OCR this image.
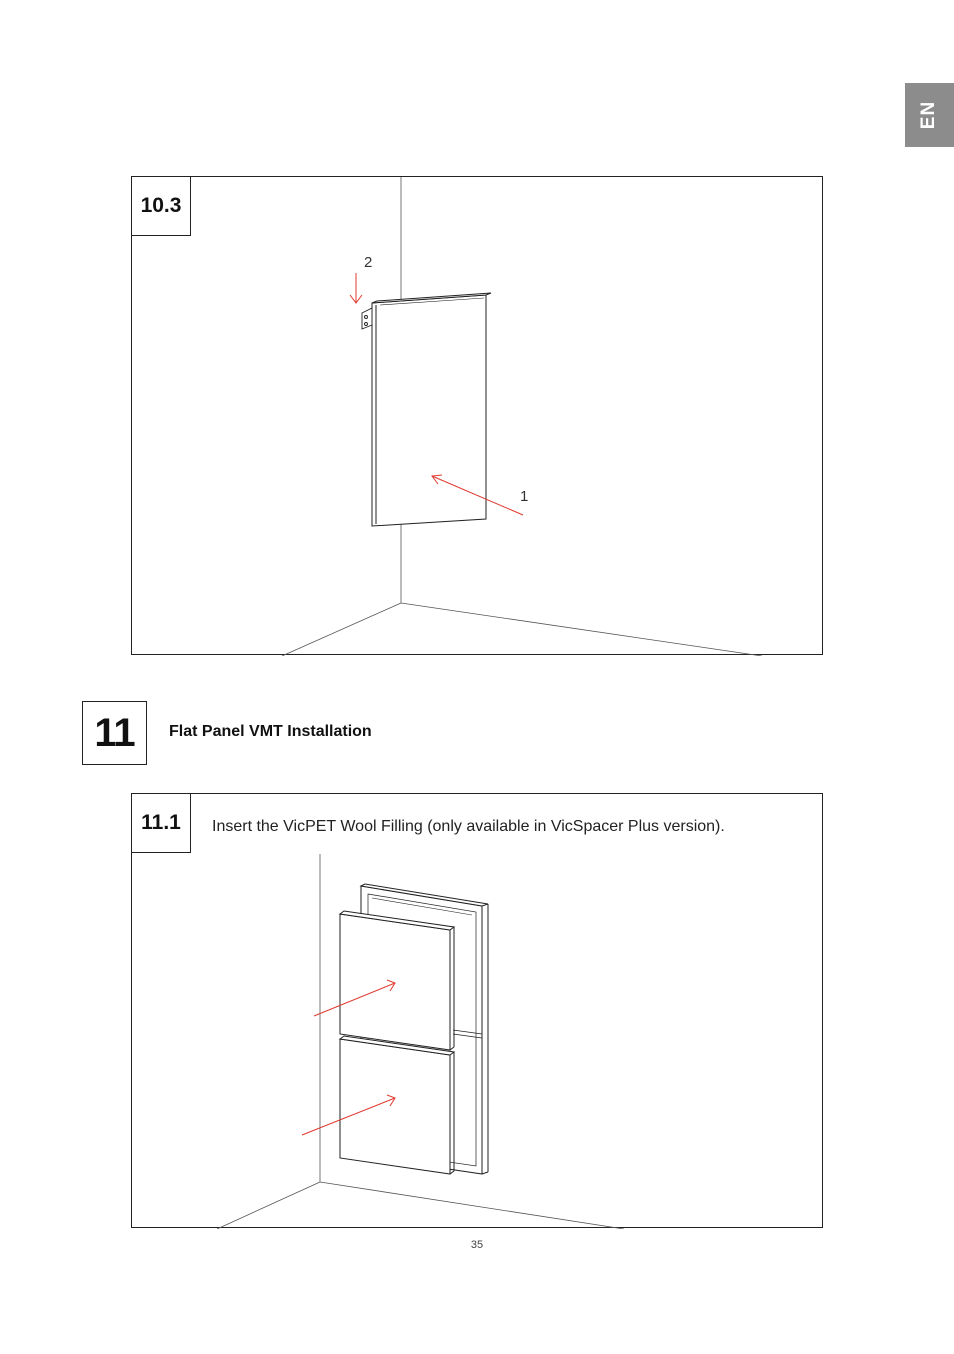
EN
10.3
2
1
11	Flat Panel VMT Installation
11.1	Insert the VicPET Wool Filling (only available in VicSpacer Plus version).
35
